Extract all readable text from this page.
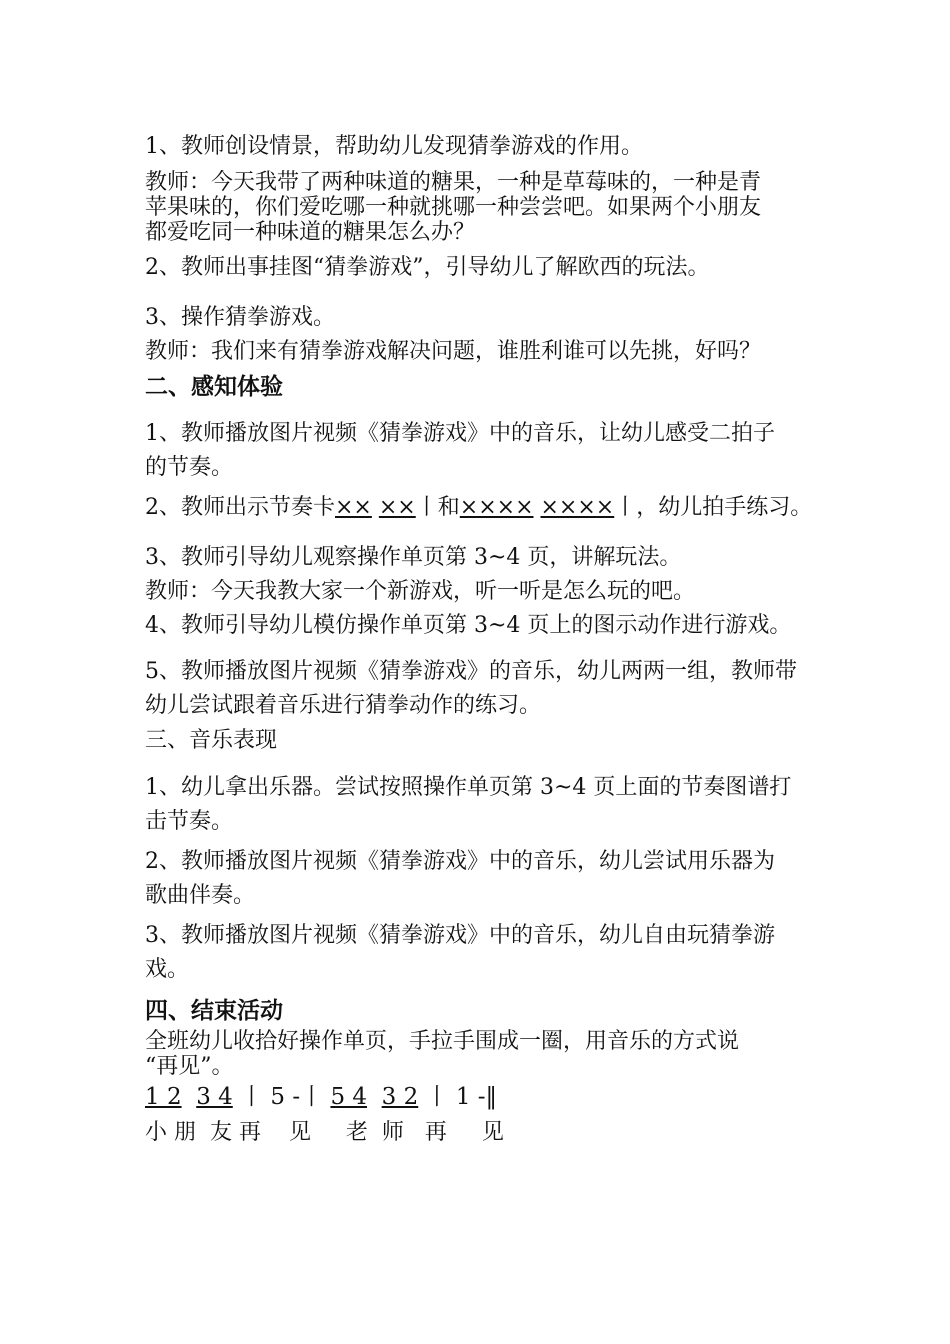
1、教师创设情景，帮助幼儿发现猜拳游戏的作用。

教师：今天我带了两种味道的糖果，一种是草莓味的，一种是青

苹果味的，你们爱吃哪一种就挑哪一种尝尝吧。如果两个小朋友

都爱吃同一种味道的糖果怎么办？

2、教师出事挂图“猜拳游戏”，引导幼儿了解欧西的玩法。

3、操作猜拳游戏。

教师：我们来有猜拳游戏解决问题，谁胜利谁可以先挑，好吗？

二、感知体验

1、教师播放图片视频《猜拳游戏》中的音乐，让幼儿感受二拍子

的节奏。

2、教师出示节奏卡×× ××丨和×××× ××××丨，幼儿拍手练习。

3、教师引导幼儿观察操作单页第 3~4 页，讲解玩法。

教师：今天我教大家一个新游戏，听一听是怎么玩的吧。

4、教师引导幼儿模仿操作单页第 3~4 页上的图示动作进行游戏。

5、教师播放图片视频《猜拳游戏》的音乐，幼儿两两一组，教师带

幼儿尝试跟着音乐进行猜拳动作的练习。

三、音乐表现

1、幼儿拿出乐器。尝试按照操作单页第 3~4 页上面的节奏图谱打

击节奏。

2、教师播放图片视频《猜拳游戏》中的音乐，幼儿尝试用乐器为

歌曲伴奏。

3、教师播放图片视频《猜拳游戏》中的音乐，幼儿自由玩猜拳游

戏。

四、结束活动

全班幼儿收拾好操作单页，手拉手围成一圈，用音乐的方式说

“再见”。

1 2 3 4 丨 5 -丨 5 4 3 2 丨 1 -‖

小 朋  友 再    见     老  师   再     见
